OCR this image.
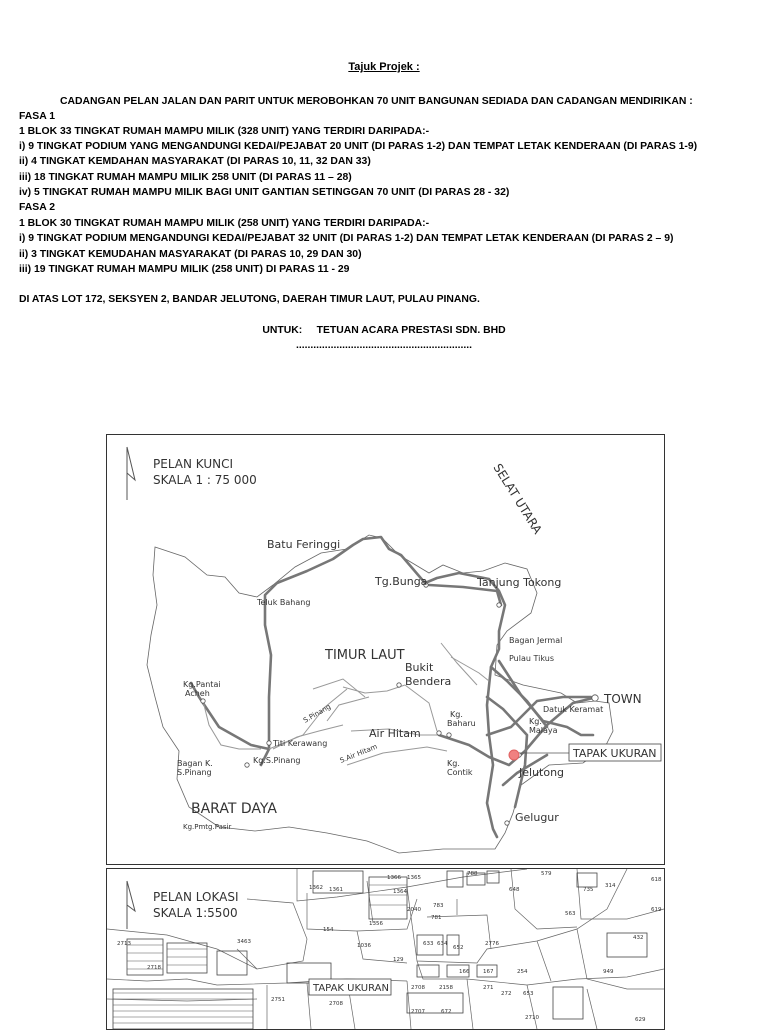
Tajuk Projek :
CADANGAN PELAN JALAN DAN PARIT UNTUK MEROBOHKAN 70 UNIT BANGUNAN SEDIADA DAN CADANGAN MENDIRIKAN :
FASA 1
1 BLOK 33 TINGKAT RUMAH MAMPU MILIK (328 UNIT) YANG TERDIRI DARIPADA:-
i) 9 TINGKAT PODIUM YANG MENGANDUNGI KEDAI/PEJABAT 20 UNIT (DI PARAS 1-2) DAN TEMPAT LETAK KENDERAAN (DI PARAS 1-9)
ii) 4 TINGKAT KEMDAHAN MASYARAKAT (DI PARAS 10, 11, 32 DAN 33)
iii) 18 TINGKAT RUMAH MAMPU MILIK 258 UNIT (DI PARAS 11 – 28)
iv) 5 TINGKAT RUMAH MAMPU MILIK BAGI UNIT GANTIAN SETINGGAN 70 UNIT (DI PARAS 28 - 32)
FASA 2
1 BLOK 30 TINGKAT RUMAH MAMPU MILIK (258 UNIT) YANG TERDIRI DARIPADA:-
i) 9 TINGKAT PODIUM MENGANDUNGI KEDAI/PEJABAT 32 UNIT (DI PARAS 1-2) DAN TEMPAT LETAK KENDERAAN (DI PARAS 2 – 9)
ii) 3 TINGKAT KEMUDAHAN MASYARAKAT (DI PARAS 10, 29 DAN 30)
iii) 19 TINGKAT RUMAH MAMPU MILIK (258 UNIT) DI PARAS 11 - 29
DI ATAS LOT 172, SEKSYEN 2, BANDAR JELUTONG, DAERAH TIMUR LAUT, PULAU PINANG.
UNTUK: TETUAN ACARA PRESTASI SDN. BHD
.............................................................
PELAN KUNCI
SKALA 1 : 75 000
TAPAK UKURAN
SELAT UTARA
TIMUR LAUT
BARAT DAYA
Batu Feringgi
Tg.Bunga	Tanjung Tokong
Teluk Bahang
Bagan Jermal
Pulau Tikus
Bukit
Bendera
TOWN
Kg.Pantai
Acheh
Air Hitam
Kg.
Baharu	Kg.
Malaya
Datuk Keramat
Titi Kerawang
Kg.S.Pinang
Bagan K.
S.Pinang
Kg.
Contik	Jelutong
Gelugur
Kg.Pmtg.Pasir
S.Pinang
S.Air Hitam
PELAN LOKASI
SKALA 1:5500
TAPAK UKURAN
788	579
314
618
1362 1361
1366 1365
1364
1356
2040
783
648	735
619
563
781
154
1036	633 634
652
2776
432
3463
129
949
2713
2718
166 167	254
2708	2158	271
272 653
2751
2708
2707	672
2710	629
